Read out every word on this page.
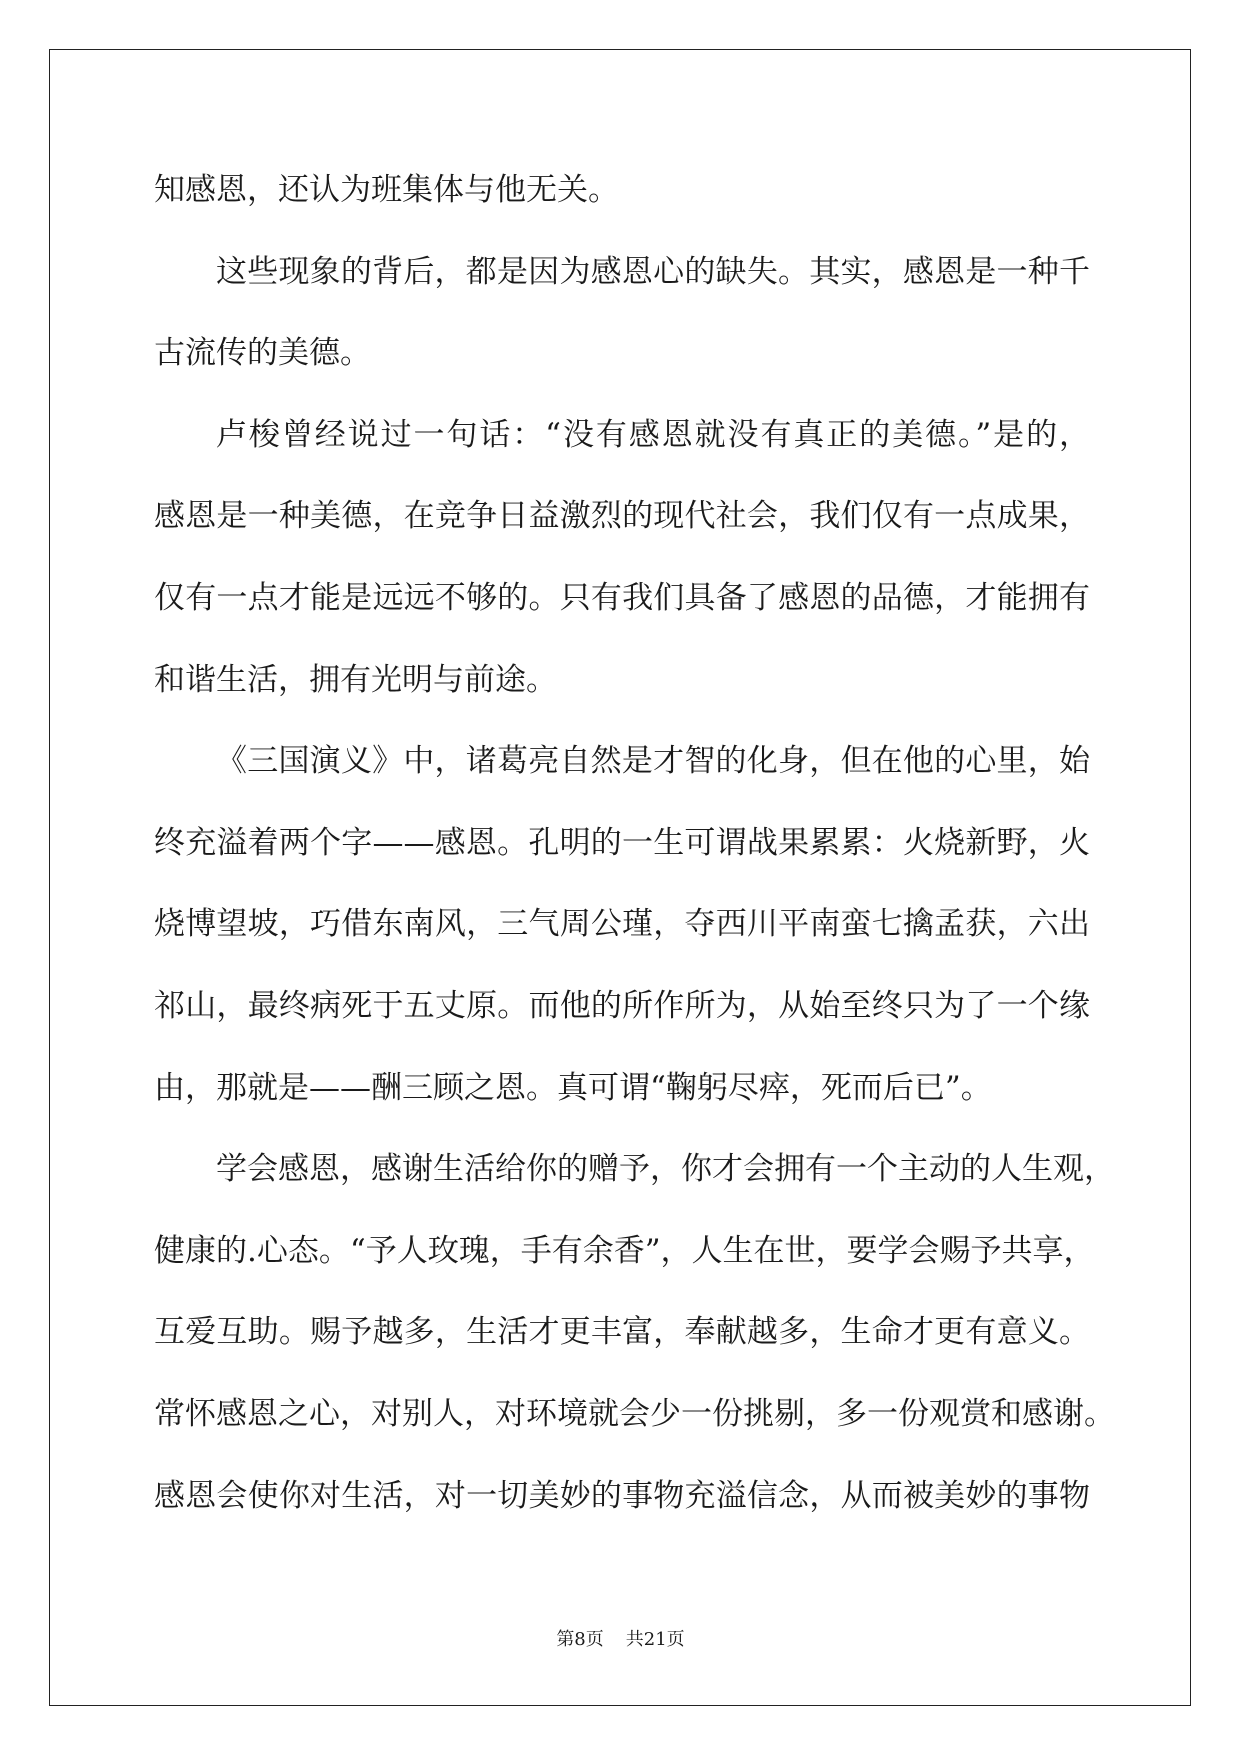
知感恩，还认为班集体与他无关。
这些现象的背后，都是因为感恩心的缺失。其实，感恩是一种千
古流传的美德。
卢梭曾经说过一句话：“没有感恩就没有真正的美德。”是的，
感恩是一种美德，在竞争日益激烈的现代社会，我们仅有一点成果，
仅有一点才能是远远不够的。只有我们具备了感恩的品德，才能拥有
和谐生活，拥有光明与前途。
《三国演义》中，诸葛亮自然是才智的化身，但在他的心里，始
终充溢着两个字——感恩。孔明的一生可谓战果累累：火烧新野，火
烧博望坡，巧借东南风，三气周公瑾，夺西川平南蛮七擒孟获，六出
祁山，最终病死于五丈原。而他的所作所为，从始至终只为了一个缘
由，那就是——酬三顾之恩。真可谓“鞠躬尽瘁，死而后已”。
学会感恩，感谢生活给你的赠予，你才会拥有一个主动的人生观，
健康的.心态。“予人玫瑰，手有余香”，人生在世，要学会赐予共享，
互爱互助。赐予越多，生活才更丰富，奉献越多，生命才更有意义。
常怀感恩之心，对别人，对环境就会少一份挑剔，多一份观赏和感谢。
感恩会使你对生活，对一切美妙的事物充溢信念，从而被美妙的事物
第8页 共21页
